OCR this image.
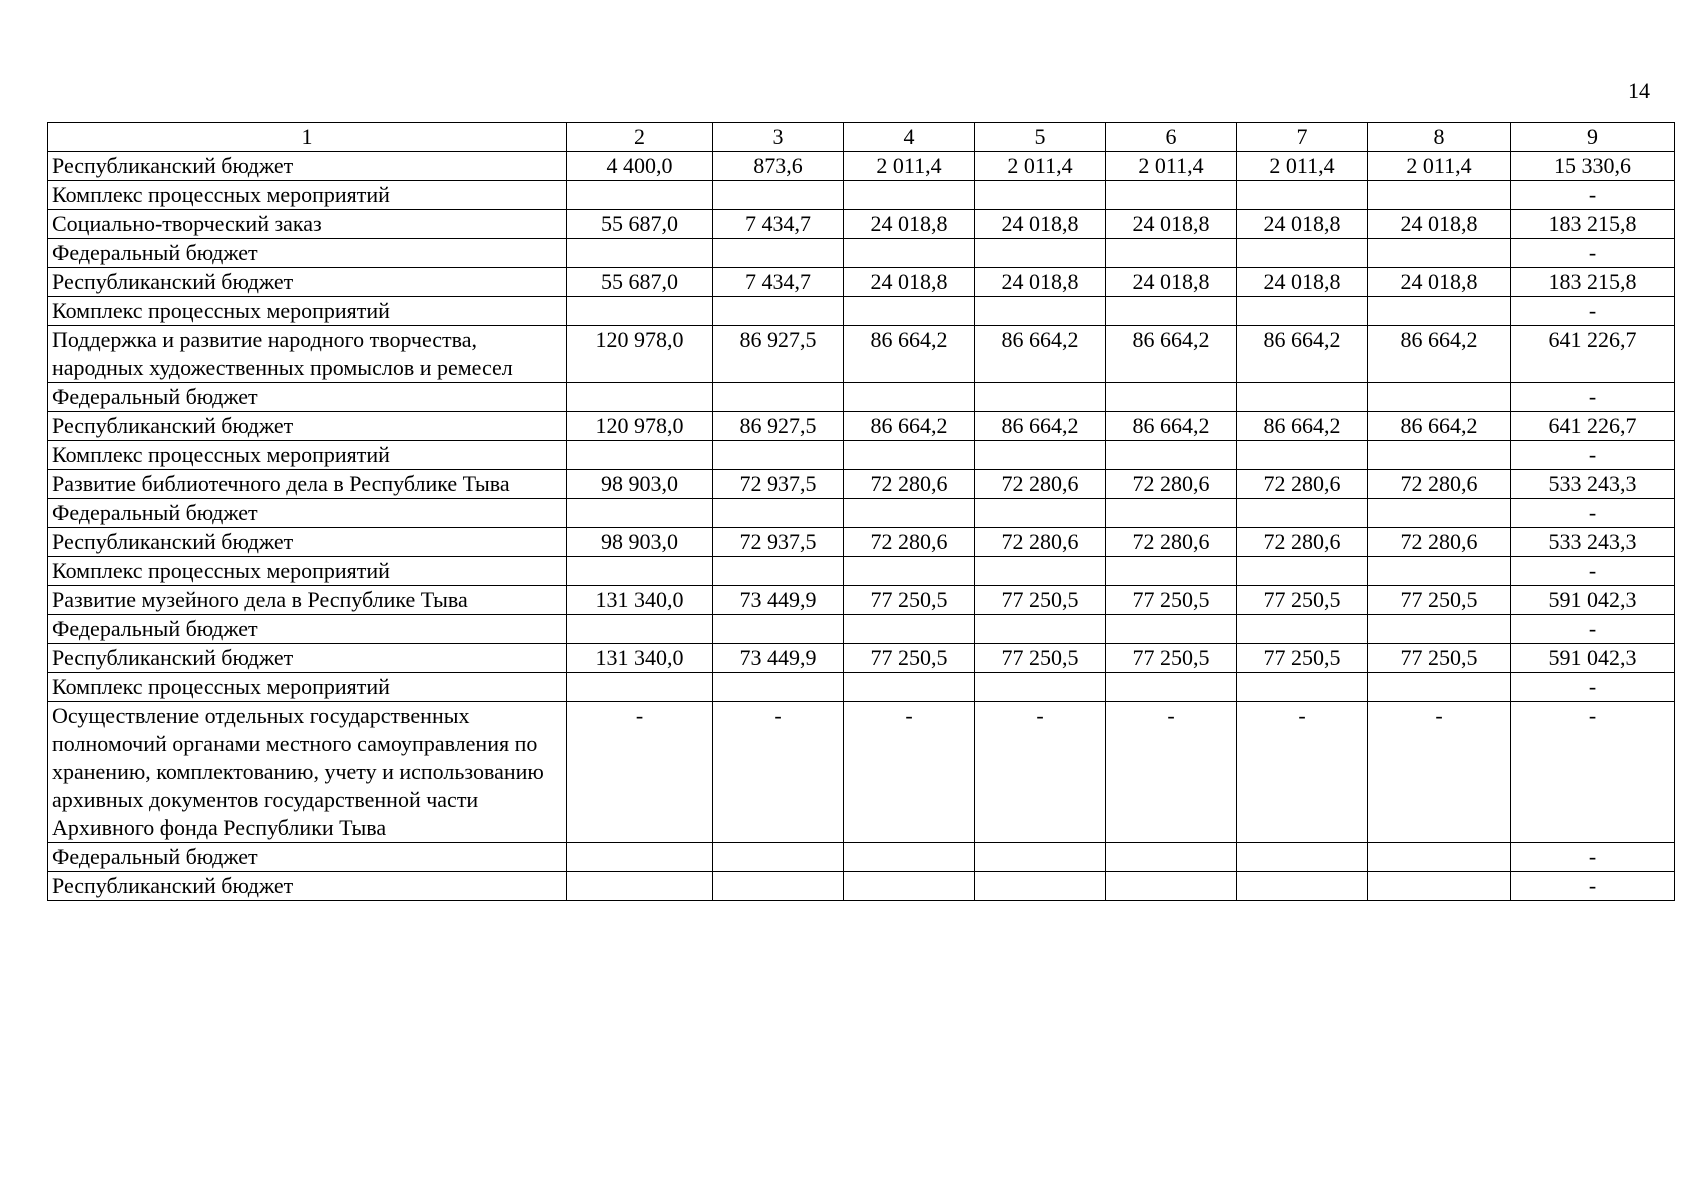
14
1	2	3	4	5	6	7	8	9
Республиканский бюджет	4 400,0	873,6	2 011,4	2 011,4	2 011,4	2 011,4	2 011,4	15 330,6
Комплекс процессных мероприятий								-
Социально-творческий заказ	55 687,0	7 434,7	24 018,8	24 018,8	24 018,8	24 018,8	24 018,8	183 215,8
Федеральный бюджет								-
Республиканский бюджет	55 687,0	7 434,7	24 018,8	24 018,8	24 018,8	24 018,8	24 018,8	183 215,8
Комплекс процессных мероприятий								-
Поддержка и развитие народного творчества, народных художественных промыслов и ремесел	120 978,0	86 927,5	86 664,2	86 664,2	86 664,2	86 664,2	86 664,2	641 226,7
Федеральный бюджет								-
Республиканский бюджет	120 978,0	86 927,5	86 664,2	86 664,2	86 664,2	86 664,2	86 664,2	641 226,7
Комплекс процессных мероприятий								-
Развитие библиотечного дела в Республике Тыва	98 903,0	72 937,5	72 280,6	72 280,6	72 280,6	72 280,6	72 280,6	533 243,3
Федеральный бюджет								-
Республиканский бюджет	98 903,0	72 937,5	72 280,6	72 280,6	72 280,6	72 280,6	72 280,6	533 243,3
Комплекс процессных мероприятий								-
Развитие музейного дела в Республике Тыва	131 340,0	73 449,9	77 250,5	77 250,5	77 250,5	77 250,5	77 250,5	591 042,3
Федеральный бюджет								-
Республиканский бюджет	131 340,0	73 449,9	77 250,5	77 250,5	77 250,5	77 250,5	77 250,5	591 042,3
Комплекс процессных мероприятий								-
Осуществление отдельных государственных полномочий органами местного самоуправления по хранению, комплектованию, учету и использованию архивных документов государственной части Архивного фонда Республики Тыва	-	-	-	-	-	-	-	-
Федеральный бюджет								-
Республиканский бюджет								-
